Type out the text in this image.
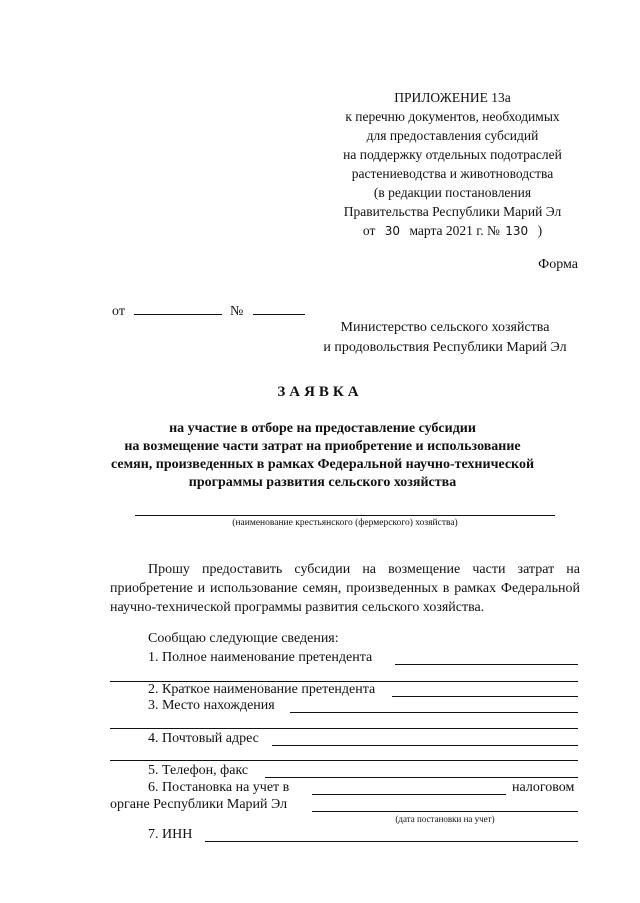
ПРИЛОЖЕНИЕ 13а
к перечню документов, необходимых
для предоставления субсидий
на поддержку отдельных подотраслей
растениеводства и животноводства
(в редакции постановления
Правительства Республики Марий Эл
от 30 марта 2021 г. № 130 )
Форма
от	№
Министерство сельского хозяйства
и продовольствия Республики Марий Эл
ЗАЯВКА
на участие в отборе на предоставление субсидии
на возмещение части затрат на приобретение и использование
семян, произведенных в рамках Федеральной научно-технической
программы развития сельского хозяйства
(наименование крестьянского (фермерского) хозяйства)
Прошу предоставить субсидии на возмещение части затрат на приобретение и использование семян, произведенных в рамках Федеральной научно-технической программы развития сельского хозяйства.
Сообщаю следующие сведения:
1. Полное наименование претендента
2. Краткое наименование претендента
3. Место нахождения
4. Почтовый адрес
5. Телефон, факс
6. Постановка на учет в	налоговом
органе Республики Марий Эл
(дата постановки на учет)
7. ИНН
